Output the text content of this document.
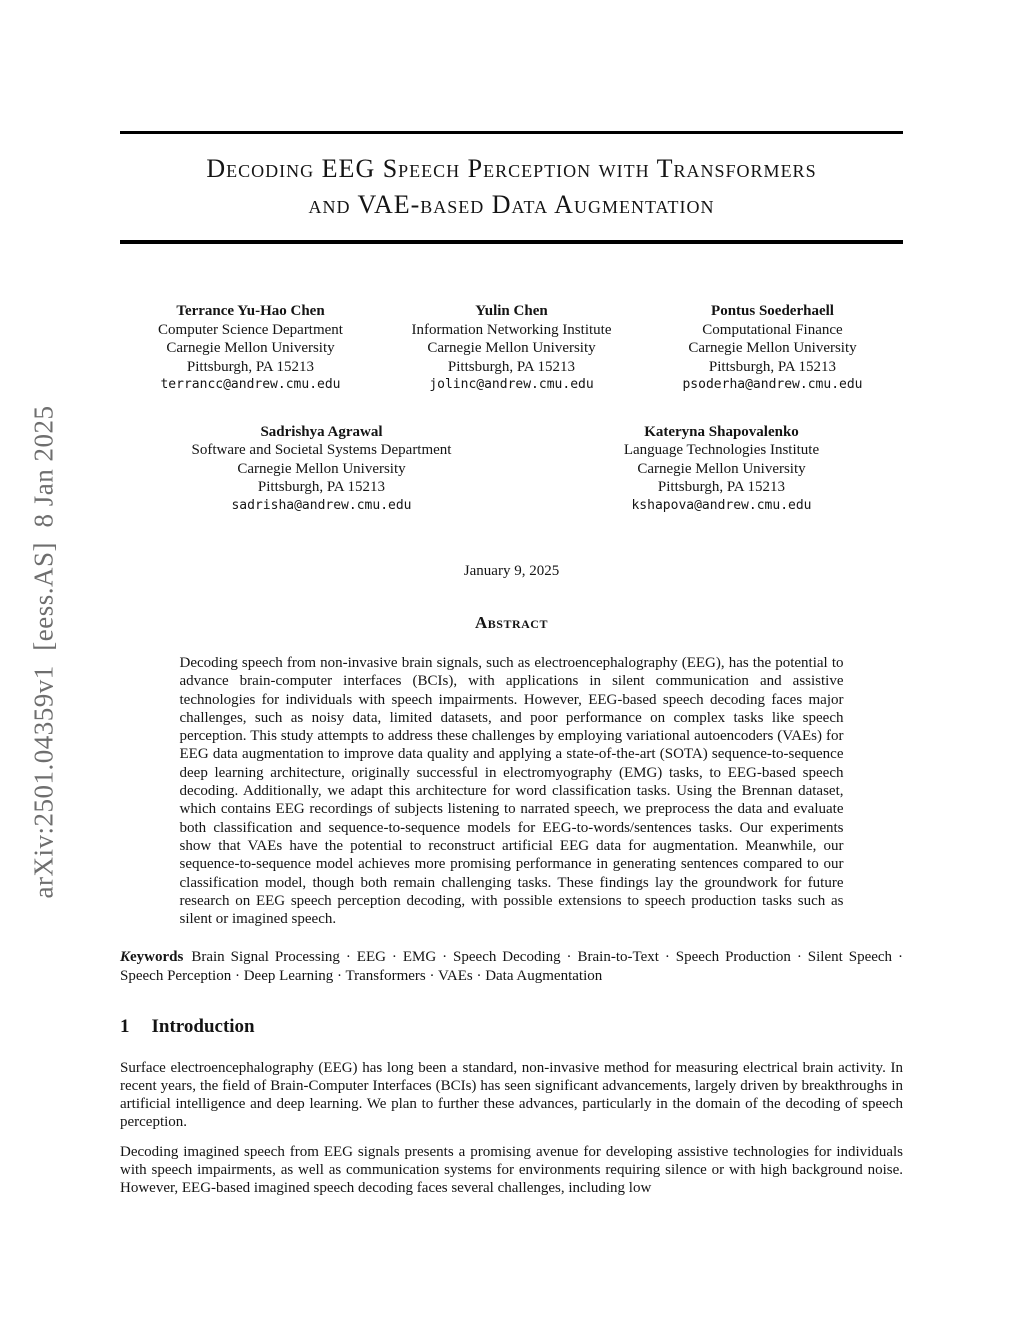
arXiv:2501.04359v1  [eess.AS]  8 Jan 2025
Decoding EEG Speech Perception with Transformers
and VAE-based Data Augmentation
Terrance Yu-Hao Chen
Computer Science Department
Carnegie Mellon University
Pittsburgh, PA 15213
terrancc@andrew.cmu.edu
Yulin Chen
Information Networking Institute
Carnegie Mellon University
Pittsburgh, PA 15213
jolinc@andrew.cmu.edu
Pontus Soederhaell
Computational Finance
Carnegie Mellon University
Pittsburgh, PA 15213
psoderha@andrew.cmu.edu
Sadrishya Agrawal
Software and Societal Systems Department
Carnegie Mellon University
Pittsburgh, PA 15213
sadrisha@andrew.cmu.edu
Kateryna Shapovalenko
Language Technologies Institute
Carnegie Mellon University
Pittsburgh, PA 15213
kshapova@andrew.cmu.edu
January 9, 2025
Abstract
Decoding speech from non-invasive brain signals, such as electroencephalography (EEG), has the potential to advance brain-computer interfaces (BCIs), with applications in silent communication and assistive technologies for individuals with speech impairments. However, EEG-based speech decoding faces major challenges, such as noisy data, limited datasets, and poor performance on complex tasks like speech perception. This study attempts to address these challenges by employing variational autoencoders (VAEs) for EEG data augmentation to improve data quality and applying a state-of-the-art (SOTA) sequence-to-sequence deep learning architecture, originally successful in electromyography (EMG) tasks, to EEG-based speech decoding. Additionally, we adapt this architecture for word classification tasks. Using the Brennan dataset, which contains EEG recordings of subjects listening to narrated speech, we preprocess the data and evaluate both classification and sequence-to-sequence models for EEG-to-words/sentences tasks. Our experiments show that VAEs have the potential to reconstruct artificial EEG data for augmentation. Meanwhile, our sequence-to-sequence model achieves more promising performance in generating sentences compared to our classification model, though both remain challenging tasks. These findings lay the groundwork for future research on EEG speech perception decoding, with possible extensions to speech production tasks such as silent or imagined speech.
Keywords Brain Signal Processing · EEG · EMG · Speech Decoding · Brain-to-Text · Speech Production · Silent Speech · Speech Perception · Deep Learning · Transformers · VAEs · Data Augmentation
1 Introduction

Surface electroencephalography (EEG) has long been a standard, non-invasive method for measuring electrical brain activity. In recent years, the field of Brain-Computer Interfaces (BCIs) has seen significant advancements, largely driven by breakthroughs in artificial intelligence and deep learning. We plan to further these advances, particularly in the domain of the decoding of speech perception.

Decoding imagined speech from EEG signals presents a promising avenue for developing assistive technologies for individuals with speech impairments, as well as communication systems for environments requiring silence or with high background noise. However, EEG-based imagined speech decoding faces several challenges, including low
